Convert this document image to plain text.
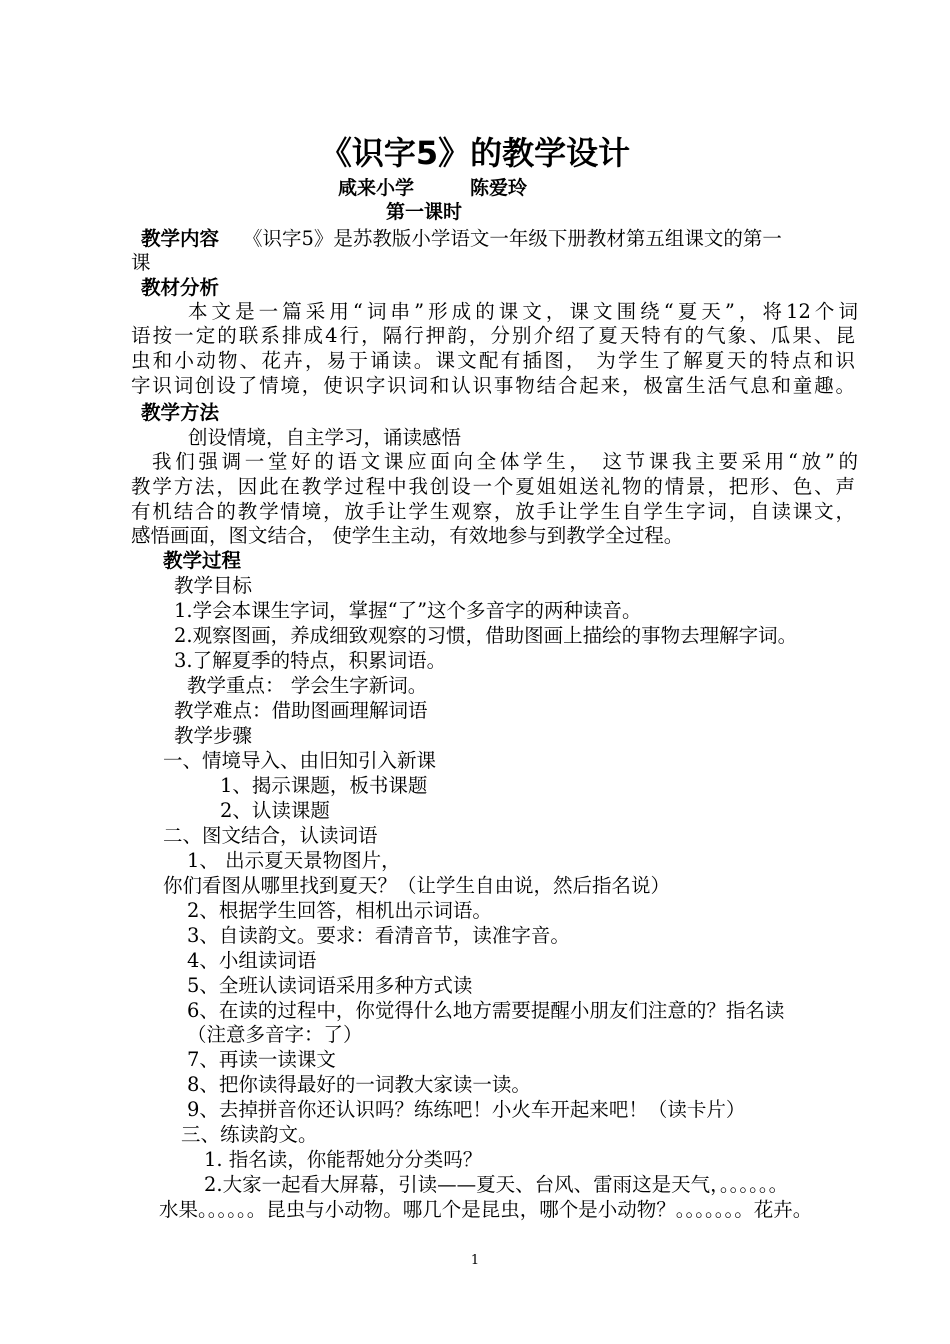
《识字5》的教学设计
咸来小学	陈爱玲
第一课时
教学内容 《识字5》是苏教版小学语文一年级下册教材第五组课文的第一
课
教材分析
本文是一篇采用“词串”形成的课文，课文围绕“夏天”，将12个词
语按一定的联系排成4行，隔行押韵，分别介绍了夏天特有的气象、瓜果、昆
虫和小动物、花卉，易于诵读。课文配有插图， 为学生了解夏天的特点和识
字识词创设了情境，使识字识词和认识事物结合起来，极富生活气息和童趣。
教学方法
创设情境，自主学习，诵读感悟
我们强调一堂好的语文课应面向全体学生， 这节课我主要采用“放”的
教学方法，因此在教学过程中我创设一个夏姐姐送礼物的情景，把形、色、声
有机结合的教学情境，放手让学生观察，放手让学生自学生字词，自读课文，
感悟画面，图文结合， 使学生主动，有效地参与到教学全过程。
教学过程
教学目标
1.学会本课生字词，掌握“了”这个多音字的两种读音。
2.观察图画，养成细致观察的习惯，借助图画上描绘的事物去理解字词。
3.了解夏季的特点，积累词语。
教学重点： 学会生字新词。
教学难点：借助图画理解词语
教学步骤
一、情境导入、由旧知引入新课
1、揭示课题，板书课题
2、认读课题
二、图文结合，认读词语
1、 出示夏天景物图片，
你们看图从哪里找到夏天？（让学生自由说，然后指名说）
2、根据学生回答，相机出示词语。
3、自读韵文。要求：看清音节，读准字音。
4、小组读词语
5、全班认读词语采用多种方式读
6、在读的过程中，你觉得什么地方需要提醒小朋友们注意的？指名读
（注意多音字：了）
7、再读一读课文
8、把你读得最好的一词教大家读一读。
9、去掉拼音你还认识吗？练练吧！小火车开起来吧！（读卡片）
三、练读韵文。
1. 指名读，你能帮她分分类吗？
2.大家一起看大屏幕，引读——夏天、台风、雷雨这是天气，。。。。。。
水果。。。。。。昆虫与小动物。哪几个是昆虫，哪个是小动物？。。。。。。。花卉。
1
